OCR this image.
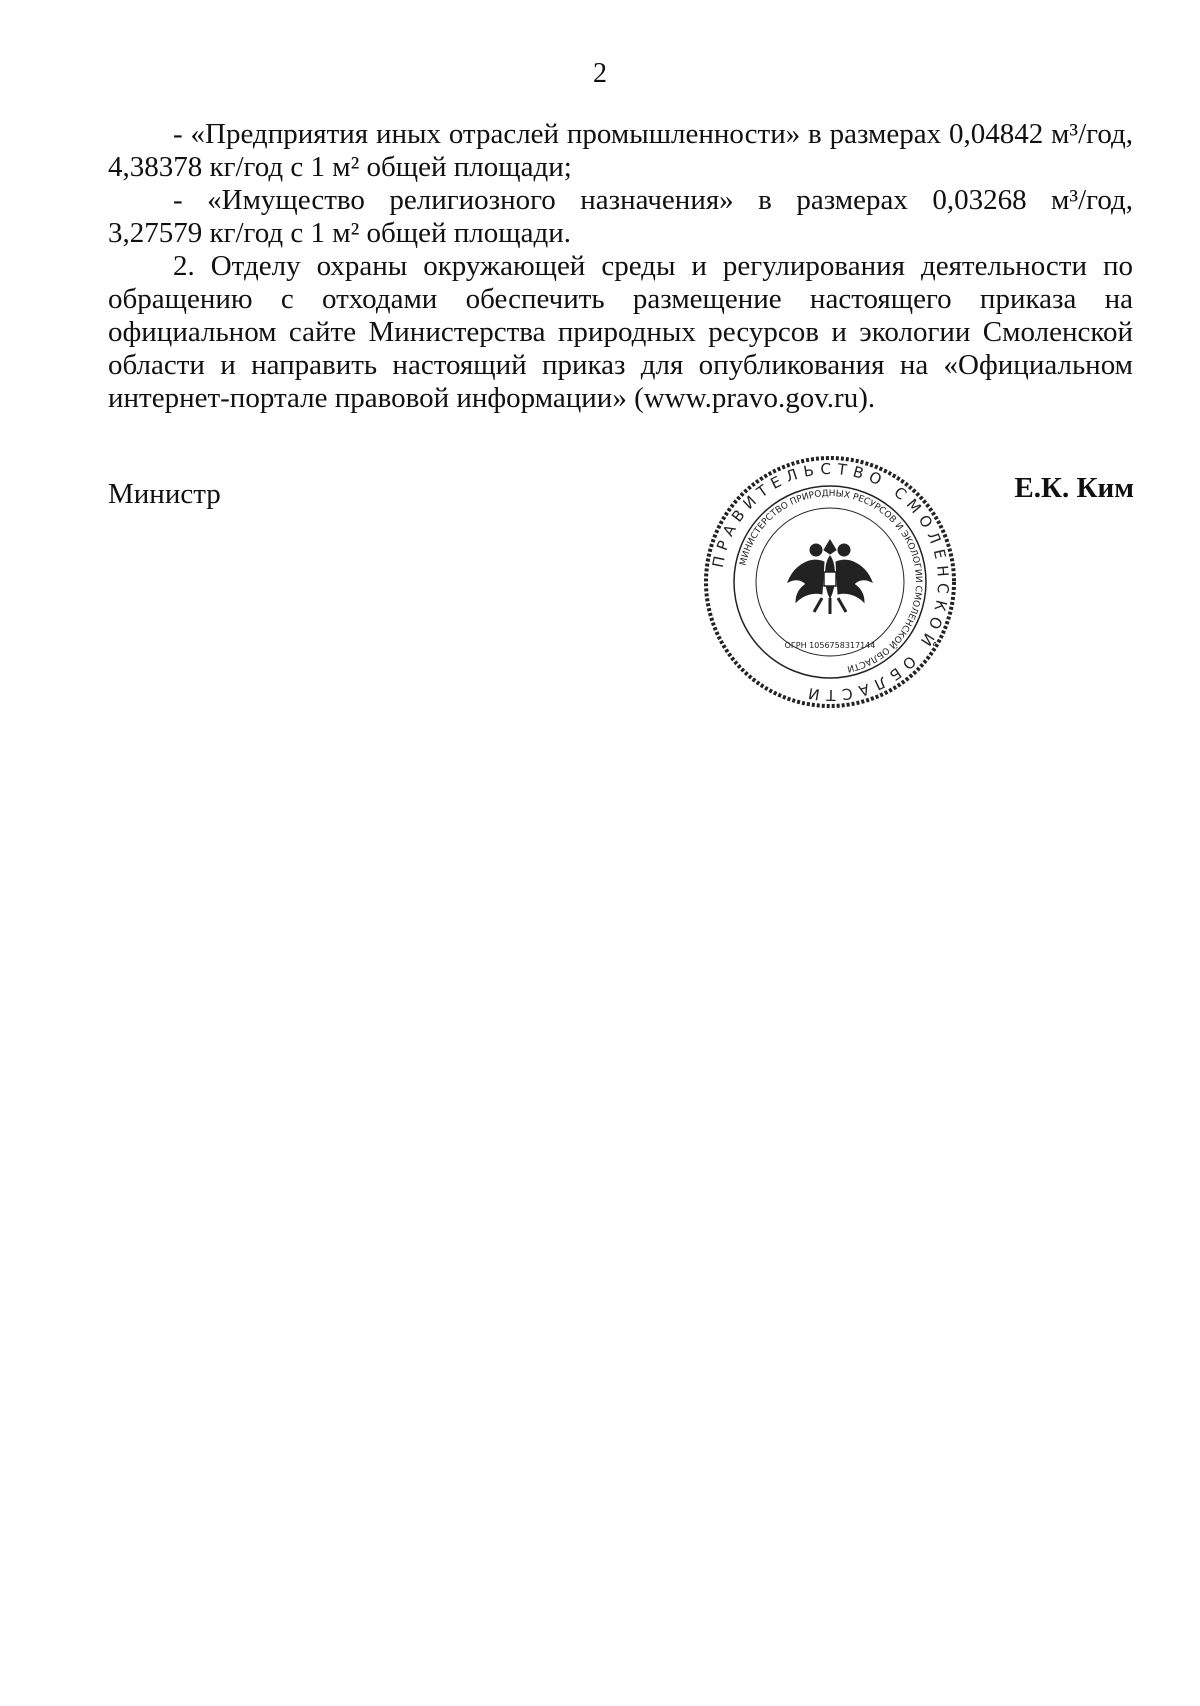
2
- «Предприятия иных отраслей промышленности» в размерах 0,04842 м³/год,
4,38378 кг/год с 1 м² общей площади;
- «Имущество религиозного назначения» в размерах 0,03268 м³/год,
3,27579 кг/год с 1 м² общей площади.
2. Отделу охраны окружающей среды и регулирования деятельности по
обращению с отходами обеспечить размещение настоящего приказа на
официальном сайте Министерства природных ресурсов и экологии Смоленской
области и направить настоящий приказ для опубликования на «Официальном
интернет-портале правовой информации» (www.pravo.gov.ru).
Министр	Е.К. Ким
ПРАВИТЕЛЬСТВО СМОЛЕНСКОЙ ОБЛАСТИ
МИНИСТЕРСТВО ПРИРОДНЫХ РЕСУРСОВ И ЭКОЛОГИИ СМОЛЕНСКОЙ ОБЛАСТИ
ОГРН 1056758317144
